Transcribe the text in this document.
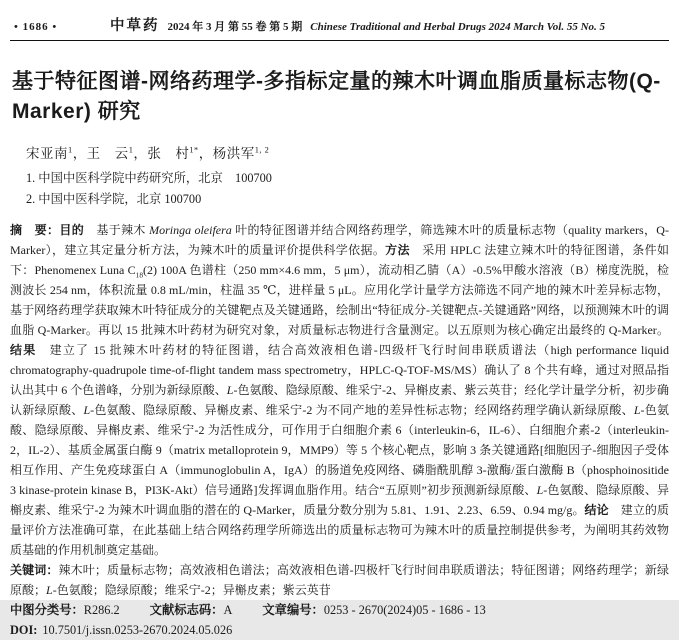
• 1686 •	中草药 2024 年 3 月 第 55 卷 第 5 期 Chinese Traditional and Herbal Drugs 2024 March Vol. 55 No. 5
基于特征图谱-网络药理学-多指标定量的辣木叶调血脂质量标志物(Q-Marker) 研究
宋亚南$^1$，王　云$^1$，张　村$^{1*}$，杨洪军$^{1, 2}$
1. 中国中医科学院中药研究所，北京　100700
2. 中国中医科学院，北京 100700

摘　要：目的　基于辣木 Moringa oleifera 叶的特征图谱并结合网络药理学，筛选辣木叶的质量标志物（quality markers，Q-Marker），建立其定量分析方法，为辣木叶的质量评价提供科学依据。方法　采用 HPLC 法建立辣木叶的特征图谱，条件如下：Phenomenex Luna $C_{18}(2)$ 100A 色谱柱（250 mm×4.6 mm，5 μm），流动相乙腈（A）-0.5%甲酸水溶液（B）梯度洗脱，检测波长 254 nm，体积流量 0.8 mL/min，柱温 35 ℃，进样量 5 μL。应用化学计量学方法筛选不同产地的辣木叶差异标志物，基于网络药理学获取辣木叶特征成分的关键靶点及关键通路，绘制出“特征成分-关键靶点-关键通路”网络，以预测辣木叶的调血脂 Q-Marker。再以 15 批辣木叶药材为研究对象，对质量标志物进行含量测定。以五原则为核心确定出最终的 Q-Marker。结果　建立了 15 批辣木叶药材的特征图谱，结合高效液相色谱-四级杆飞行时间串联质谱法（high performance liquid chromatography-quadrupole time-of-flight tandem mass spectrometry，HPLC-Q-TOF-MS/MS）确认了 8 个共有峰，通过对照品指认出其中 6 个色谱峰，分别为新绿原酸、L-色氨酸、隐绿原酸、维采宁-2、异槲皮素、紫云英苷；经化学计量学分析，初步确认新绿原酸、L-色氨酸、隐绿原酸、异槲皮素、维采宁-2 为不同产地的差异性标志物；经网络药理学确认新绿原酸、L-色氨酸、隐绿原酸、异槲皮素、维采宁-2 为活性成分，可作用于白细胞介素 6（interleukin-6，IL-6）、白细胞介素-2（interleukin-2，IL-2）、基质金属蛋白酶 9（matrix metalloprotein 9，MMP9）等 5 个核心靶点，影响 3 条关键通路[细胞因子-细胞因子受体相互作用、产生免疫球蛋白 A（immunoglobulin A，IgA）的肠道免疫网络、磷脂酰肌醇 3-激酶/蛋白激酶 B（phosphoinositide 3 kinase-protein kinase B，PI3K-Akt）信号通路]发挥调血脂作用。结合“五原则”初步预测新绿原酸、L-色氨酸、隐绿原酸、异槲皮素、维采宁-2 为辣木叶调血脂的潜在的 Q-Marker，质量分数分别为 5.81、1.91、2.23、6.59、0.94 mg/g。结论　建立的质量评价方法准确可靠，在此基础上结合网络药理学所筛选出的质量标志物可为辣木叶的质量控制提供参考，为阐明其药效物质基础的作用机制奠定基础。

关键词：辣木叶；质量标志物；高效液相色谱法；高效液相色谱-四极杆飞行时间串联质谱法；特征图谱；网络药理学；新绿原酸；L-色氨酸；隐绿原酸；维采宁-2；异槲皮素；紫云英苷

中图分类号：R286.2 文献标志码：A 文章编号：0253 - 2670(2024)05 - 1686 - 13
DOI: 10.7501/j.issn.0253-2670.2024.05.026
